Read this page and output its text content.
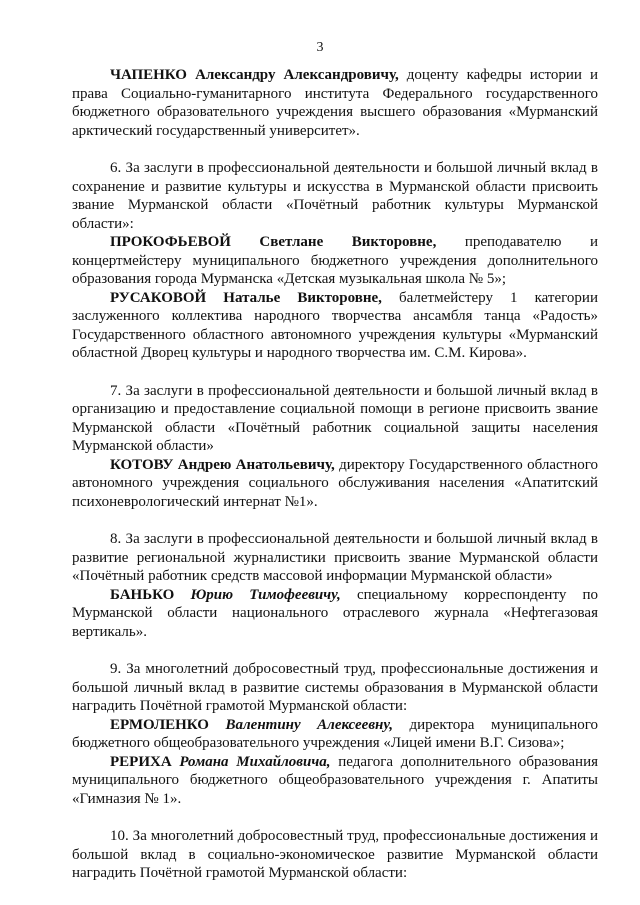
3

ЧАПЕНКО Александру Александровичу, доценту кафедры истории и права Социально-гуманитарного института Федерального государственного бюджетного образовательного учреждения высшего образования «Мурманский арктический государственный университет».

6. За заслуги в профессиональной деятельности и большой личный вклад в сохранение и развитие культуры и искусства в Мурманской области присвоить звание Мурманской области «Почётный работник культуры Мурманской области»:

ПРОКОФЬЕВОЙ Светлане Викторовне, преподавателю и концертмейстеру муниципального бюджетного учреждения дополнительного образования города Мурманска «Детская музыкальная школа № 5»;

РУСАКОВОЙ Наталье Викторовне, балетмейстеру 1 категории заслуженного коллектива народного творчества ансамбля танца «Радость» Государственного областного автономного учреждения культуры «Мурманский областной Дворец культуры и народного творчества им. С.М. Кирова».

7. За заслуги в профессиональной деятельности и большой личный вклад в организацию и предоставление социальной помощи в регионе присвоить звание Мурманской области «Почётный работник социальной защиты населения Мурманской области»

КОТОВУ Андрею Анатольевичу, директору Государственного областного автономного учреждения социального обслуживания населения «Апатитский психоневрологический интернат №1».

8. За заслуги в профессиональной деятельности и большой личный вклад в развитие региональной журналистики присвоить звание Мурманской области «Почётный работник средств массовой информации Мурманской области»

БАНЬКО Юрию Тимофеевичу, специальному корреспонденту по Мурманской области национального отраслевого журнала «Нефтегазовая вертикаль».

9. За многолетний добросовестный труд, профессиональные достижения и большой личный вклад в развитие системы образования в Мурманской области наградить Почётной грамотой Мурманской области:

ЕРМОЛЕНКО Валентину Алексеевну, директора муниципального бюджетного общеобразовательного учреждения «Лицей имени В.Г. Сизова»;

РЕРИХА Романа Михайловича, педагога дополнительного образования муниципального бюджетного общеобразовательного учреждения г. Апатиты «Гимназия № 1».

10. За многолетний добросовестный труд, профессиональные достижения и большой вклад в социально-экономическое развитие Мурманской области наградить Почётной грамотой Мурманской области:
